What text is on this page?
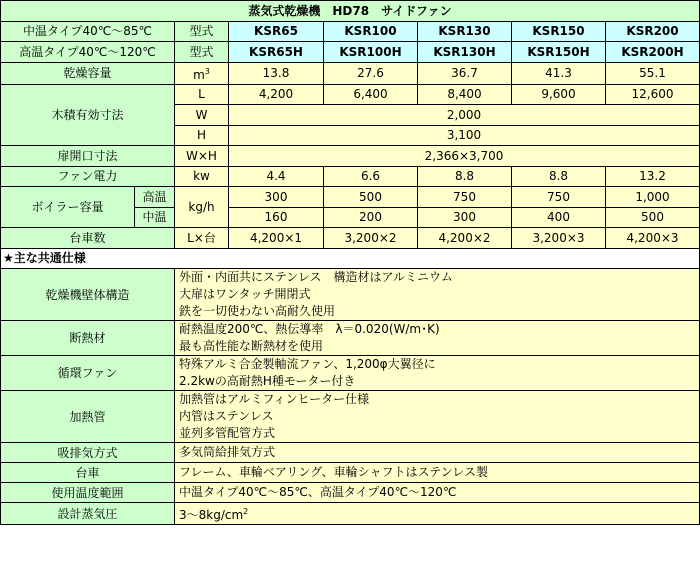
蒸気式乾燥機　HD78　サイドファン							
中温タイプ40℃～85℃		型式	KSR65	KSR100	KSR130	KSR150	KSR200
高温タイプ40℃～120℃		型式	KSR65H	KSR100H	KSR130H	KSR150H	KSR200H
乾燥容量		$m^3$	13.8	27.6	36.7	41.3	55.1
木積有効寸法		L	4,200	6,400	8,400	9,600	12,600
		W	2,000				
		H	3,100				
扉開口寸法		W×H	2,366×3,700				
ファン電力		kw	4.4	6.6	8.8	8.8	13.2
ボイラー容量	高温	kg/h	300	500	750	750	1,000
	中温		160	200	300	400	500
台車数		L×台	4,200×1	3,200×2	4,200×2	3,200×3	4,200×3
★主な共通仕様	
乾燥機壁体構造	外面・内面共にステンレス　構造材はアルミニウム
大扉はワンタッチ開閉式
鉄を一切使わない高耐久使用

断熱材	耐熱温度200℃、熱伝導率　λ＝0.020(W/m･K)
最も高性能な断熱材を使用

循環ファン	特殊アルミ合金製軸流ファン、1,200φ大翼径に
2.2kwの高耐熱H種モーター付き

加熱管	加熱管はアルミフィンヒーター仕様
内管はステンレス
並列多管配管方式

吸排気方式	多気筒給排気方式

台車	フレーム、車輪ベアリング、車輪シャフトはステンレス製

使用温度範囲	中温タイプ40℃～85℃、高温タイプ40℃～120℃

設計蒸気圧	$3\sim 8kg/cm^2$
